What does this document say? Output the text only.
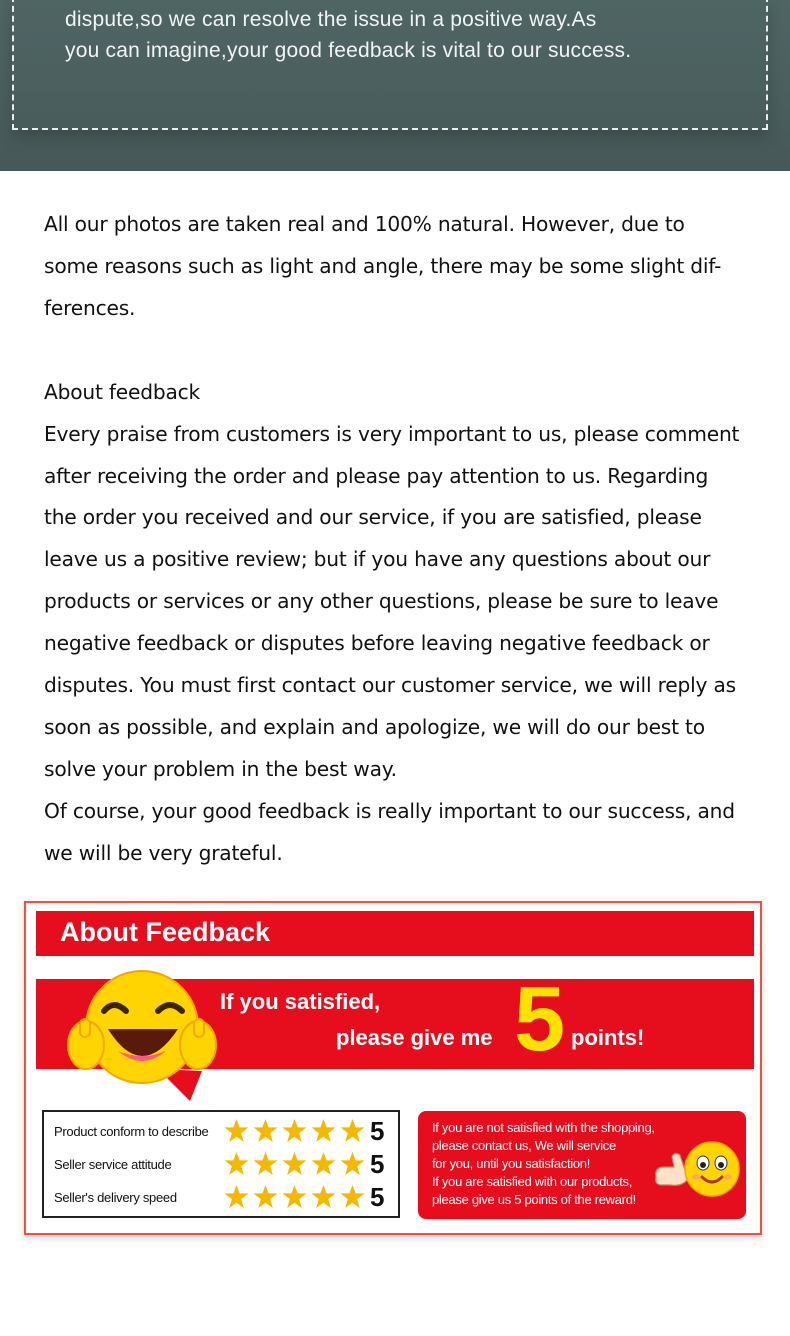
dispute,so we can resolve the issue in a positive way.As

you can imagine,your good feedback is vital to our success.

All our photos are taken real and 100% natural. However, due to

some reasons such as light and angle, there may be some slight dif-

ferences.

About feedback

Every praise from customers is very important to us, please comment

after receiving the order and please pay attention to us. Regarding

the order you received and our service, if you are satisfied, please

leave us a positive review; but if you have any questions about our

products or services or any other questions, please be sure to leave

negative feedback or disputes before leaving negative feedback or

disputes. You must first contact our customer service, we will reply as

soon as possible, and explain and apologize, we will do our best to

solve your problem in the best way.

Of course, your good feedback is really important to our success, and

we will be very grateful.

About Feedback
If you satisfied,
please give me 5 points!
Product conform to describe	5
Seller service attitude	5
Seller's delivery speed	5

If you are not satisfied with the shopping,

please contact us, We will service

for you, until you satisfaction!

If you are satisfied with our products,

please give us 5 points of the reward!
